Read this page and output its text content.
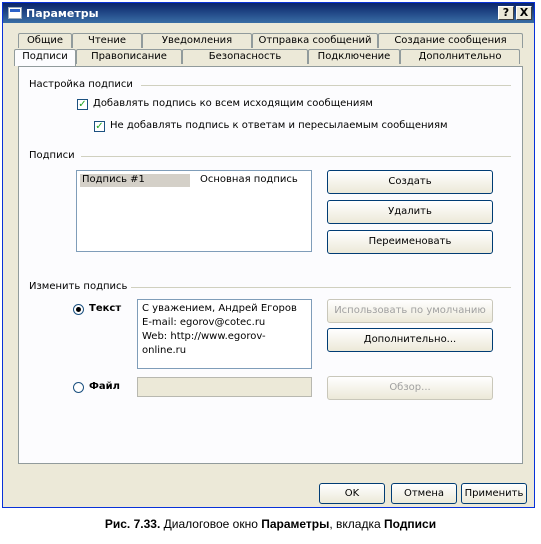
Параметры	? X
Общие	Чтение	Уведомления	Отправка сообщений	Создание сообщения
Подписи	Правописание	Безопасность	Подключение	Дополнительно
Настройка подписи
✓ Добавлять подпись ко всем исходящим сообщениям
✓ Не добавлять подпись к ответам и пересылаемым сообщениям
Подписи
Подпись #1	Основная подпись	Создать
Удалить
Переименовать
Изменить подпись
Текст С уважением, Андрей Егоров
E-mail: egorov@cotec.ru
Web: http://www.egorov-online.ru
Использовать по умолчанию
Дополнительно...
Файл	Обзор...
OK	Отмена	Применить
Рис. 7.33. Диалоговое окно Параметры, вкладка Подписи
